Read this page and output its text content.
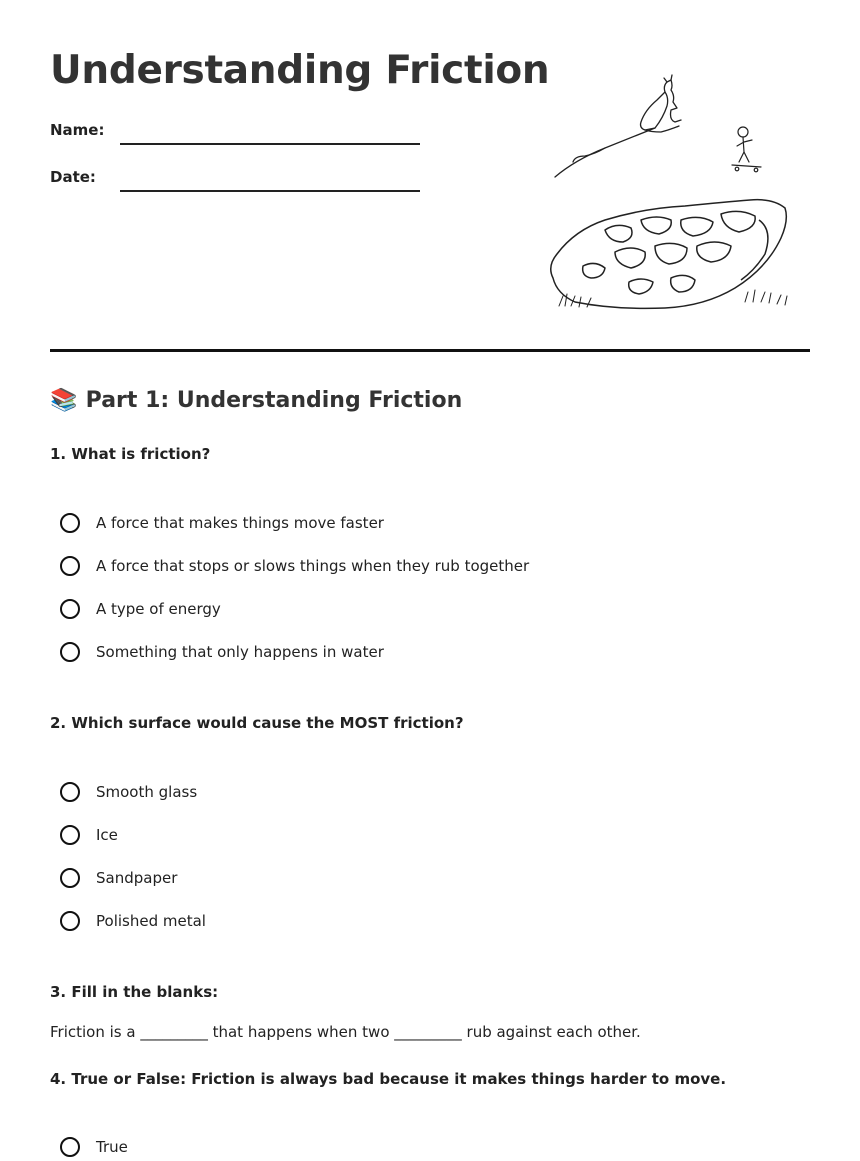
Understanding Friction
Name:
Date:
📚 Part 1: Understanding Friction

1. What is friction?

A force that makes things move faster
A force that stops or slows things when they rub together
A type of energy
Something that only happens in water

2. Which surface would cause the MOST friction?

Smooth glass
Ice
Sandpaper
Polished metal

3. Fill in the blanks:

Friction is a _________ that happens when two _________ rub against each other.

4. True or False: Friction is always bad because it makes things harder to move.

True
